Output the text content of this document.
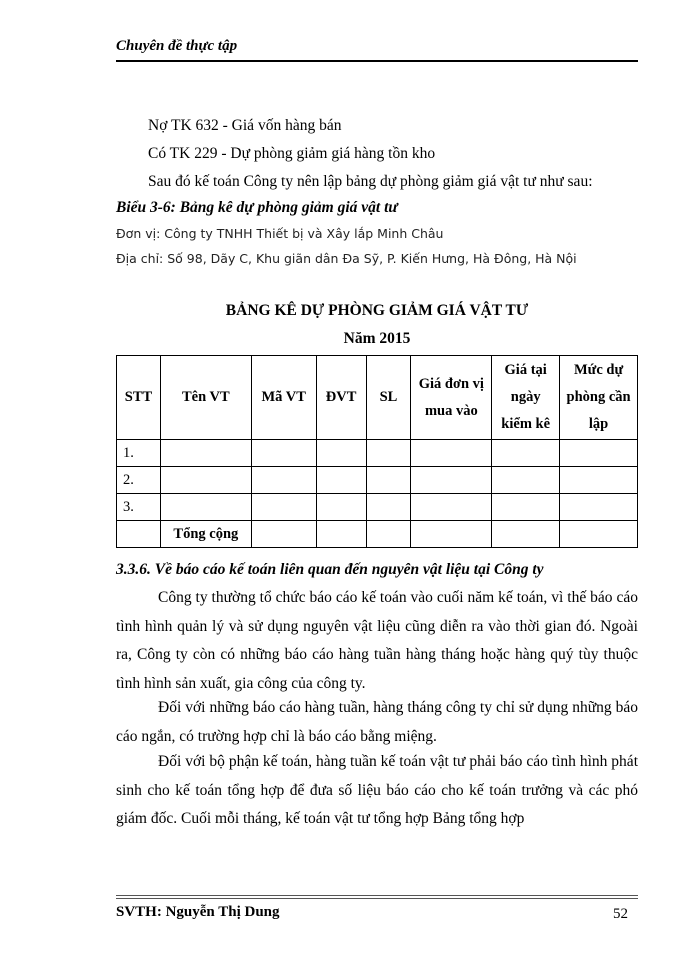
Chuyên đề thực tập
Nợ TK 632 - Giá vốn hàng bán
Có TK 229 - Dự phòng giảm giá hàng tồn kho
Sau đó kế toán Công ty nên lập bảng dự phòng giảm giá vật tư như sau:
Biểu 3-6: Bảng kê dự phòng giảm giá vật tư
Đơn vị: Công ty TNHH Thiết bị và Xây lắp Minh Châu
Địa chỉ: Số 98, Dãy C, Khu giãn dân Đa Sỹ, P. Kiến Hưng, Hà Đông, Hà Nội
BẢNG KÊ DỰ PHÒNG GIẢM GIÁ VẬT TƯ
Năm 2015
STT	Tên VT	Mã VT	ĐVT	SL	Giá đơn vị mua vào	Giá tại ngày kiểm kê	Mức dự phòng cần lập
1.							
2.							
3.							
	Tổng cộng						
3.3.6. Về báo cáo kế toán liên quan đến nguyên vật liệu tại Công ty
Công ty thường tổ chức báo cáo kế toán vào cuối năm kế toán, vì thế báo cáo tình hình quản lý và sử dụng nguyên vật liệu cũng diễn ra vào thời gian đó. Ngoài ra, Công ty còn có những báo cáo hàng tuần hàng tháng hoặc hàng quý tùy thuộc tình hình sản xuất, gia công của công ty.
Đối với những báo cáo hàng tuần, hàng tháng công ty chỉ sử dụng những báo cáo ngắn, có trường hợp chỉ là báo cáo bằng miệng.
Đối với bộ phận kế toán, hàng tuần kế toán vật tư phải báo cáo tình hình phát sinh cho kế toán tổng hợp để đưa số liệu báo cáo cho kế toán trưởng và các phó giám đốc. Cuối mỗi tháng, kế toán vật tư tổng hợp Bảng tổng hợp
SVTH: Nguyễn Thị Dung	52
